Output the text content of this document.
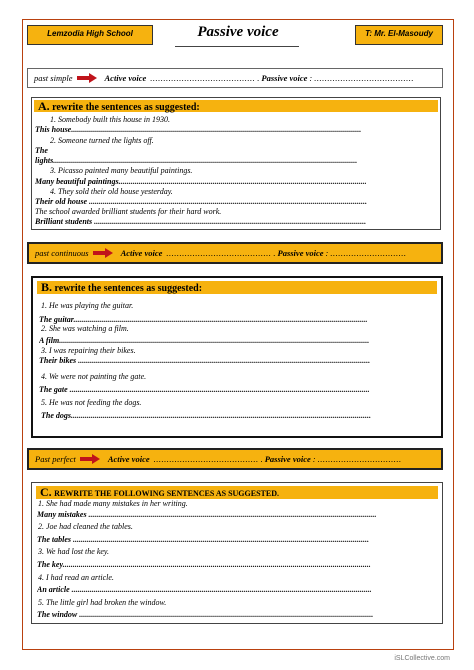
Lemzodia High School	Passive voice	T: Mr. El-Masoudy
past simple	Active voice ........................................ . Passive voice : ......................................
A. rewrite the sentences as suggested:
1. Somebody built this house in 1930.
This house.................................................................................................................................................
2. Someone turned the lights off.
The
lights........................................................................................................................................................
3. Picasso painted many beautiful paintings.
Many beautiful paintings............................................................................................................................
4. They sold their old house yesterday.
Their old house ...........................................................................................................................................
The school awarded brilliant students for their hard work.
Brilliant students ........................................................................................................................................
past continuous	Active voice ........................................ . Passive voice : .............................
B. rewrite the sentences as suggested:
1. He was playing the guitar.
The guitar...................................................................................................................................................
2. She was watching a film.
A film...........................................................................................................................................................
3. I was repairing their bikes.
Their bikes ..................................................................................................................................................
4. We were not painting the gate.
The gate ......................................................................................................................................................
5. He was not feeding the dogs.
The dogs......................................................................................................................................................
Past perfect	Active voice ........................................ . Passive voice : ................................
C. REWRITE THE FOLLOWING SENTENCES AS SUGGESTED.
1. She had made many mistakes in her writing.
Many mistakes ................................................................................................................................................
2. Joe had cleaned the tables.
The tables ....................................................................................................................................................
3. We had lost the key.
The key..........................................................................................................................................................
4. I had read an article.
An article ......................................................................................................................................................
5. The little girl had broken the window.
The window ...................................................................................................................................................
iSLCollective.com
